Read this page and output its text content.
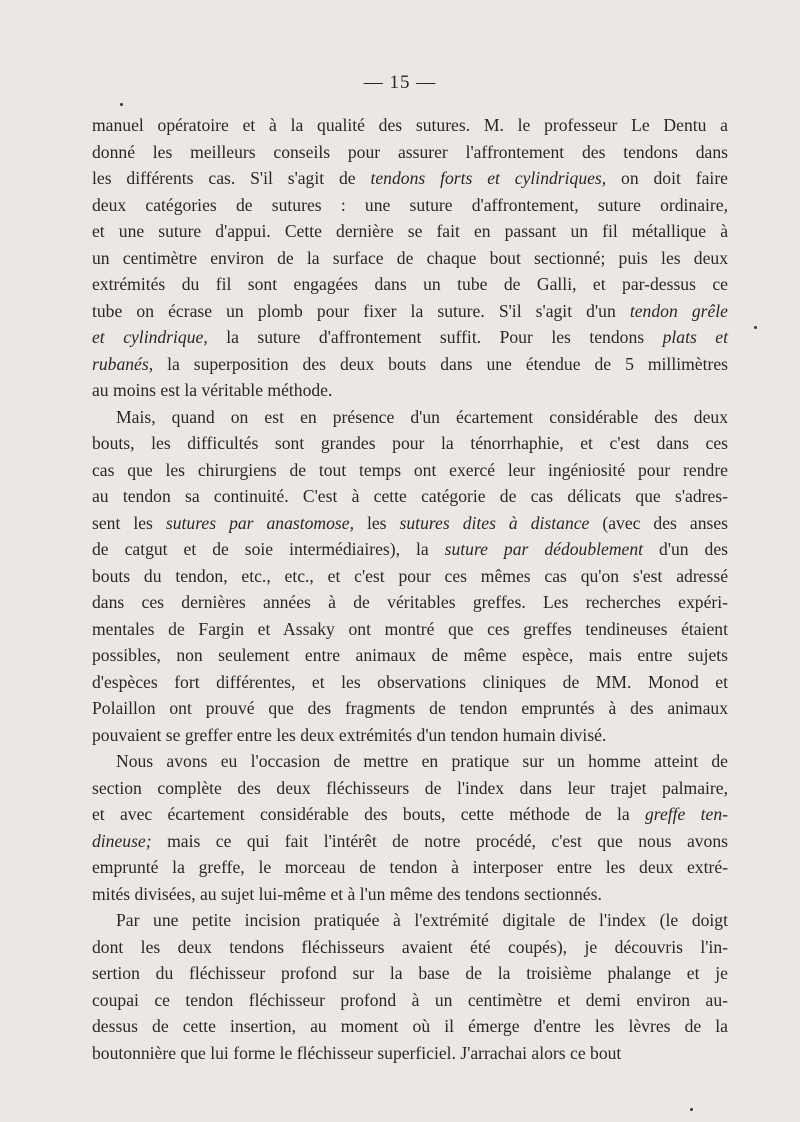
— 15 —
manuel opératoire et à la qualité des sutures. M. le professeur Le Dentu a
donné les meilleurs conseils pour assurer l'affrontement des tendons dans
les différents cas. S'il s'agit de tendons forts et cylindriques, on doit faire
deux catégories de sutures : une suture d'affrontement, suture ordinaire,
et une suture d'appui. Cette dernière se fait en passant un fil métallique à
un centimètre environ de la surface de chaque bout sectionné; puis les deux
extrémités du fil sont engagées dans un tube de Galli, et par-dessus ce
tube on écrase un plomb pour fixer la suture. S'il s'agit d'un tendon grêle
et cylindrique, la suture d'affrontement suffit. Pour les tendons plats et
rubanés, la superposition des deux bouts dans une étendue de 5 millimètres
au moins est la véritable méthode.
Mais, quand on est en présence d'un écartement considérable des deux
bouts, les difficultés sont grandes pour la ténorrhaphie, et c'est dans ces
cas que les chirurgiens de tout temps ont exercé leur ingéniosité pour rendre
au tendon sa continuité. C'est à cette catégorie de cas délicats que s'adres-
sent les sutures par anastomose, les sutures dites à distance (avec des anses
de catgut et de soie intermédiaires), la suture par dédoublement d'un des
bouts du tendon, etc., etc., et c'est pour ces mêmes cas qu'on s'est adressé
dans ces dernières années à de véritables greffes. Les recherches expéri-
mentales de Fargin et Assaky ont montré que ces greffes tendineuses étaient
possibles, non seulement entre animaux de même espèce, mais entre sujets
d'espèces fort différentes, et les observations cliniques de MM. Monod et
Polaillon ont prouvé que des fragments de tendon empruntés à des animaux
pouvaient se greffer entre les deux extrémités d'un tendon humain divisé.
Nous avons eu l'occasion de mettre en pratique sur un homme atteint de
section complète des deux fléchisseurs de l'index dans leur trajet palmaire,
et avec écartement considérable des bouts, cette méthode de la greffe ten-
dineuse; mais ce qui fait l'intérêt de notre procédé, c'est que nous avons
emprunté la greffe, le morceau de tendon à interposer entre les deux extré-
mités divisées, au sujet lui-même et à l'un même des tendons sectionnés.
Par une petite incision pratiquée à l'extrémité digitale de l'index (le doigt
dont les deux tendons fléchisseurs avaient été coupés), je découvris l'in-
sertion du fléchisseur profond sur la base de la troisième phalange et je
coupai ce tendon fléchisseur profond à un centimètre et demi environ au-
dessus de cette insertion, au moment où il émerge d'entre les lèvres de la
boutonnière que lui forme le fléchisseur superficiel. J'arrachai alors ce bout
